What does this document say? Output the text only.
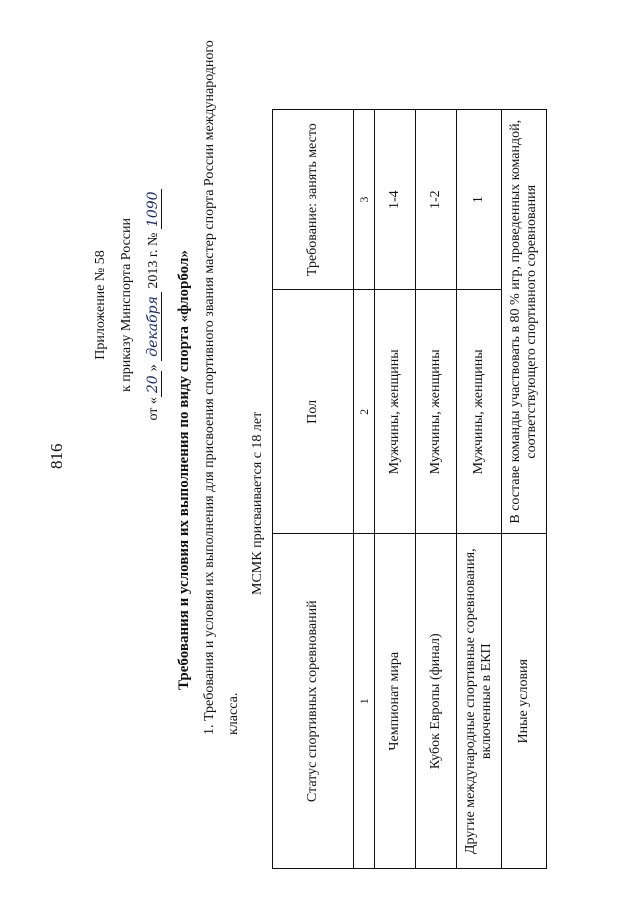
816
Приложение № 58 к приказу Минспорта России
от «20» декабря 2013 г. № 1090
Требования и условия их выполнения по виду спорта «флорбол» 1. Требования и условия их выполнения для присвоения спортивного звания мастер спорта России международного класса.
МСМК присваивается с 18 лет
Статус спортивных соревнований	Пол	Требование: занять место
1	2	3
Чемпионат мира	Мужчины, женщины	1-4
Кубок Европы (финал)	Мужчины, женщины	1-2
Другие международные спортивные соревнования, включенные в ЕКП	Мужчины, женщины	1
Иные условия	В составе команды участвовать в 80 % игр, проведенных командой, соответствующего спортивного соревнования	
